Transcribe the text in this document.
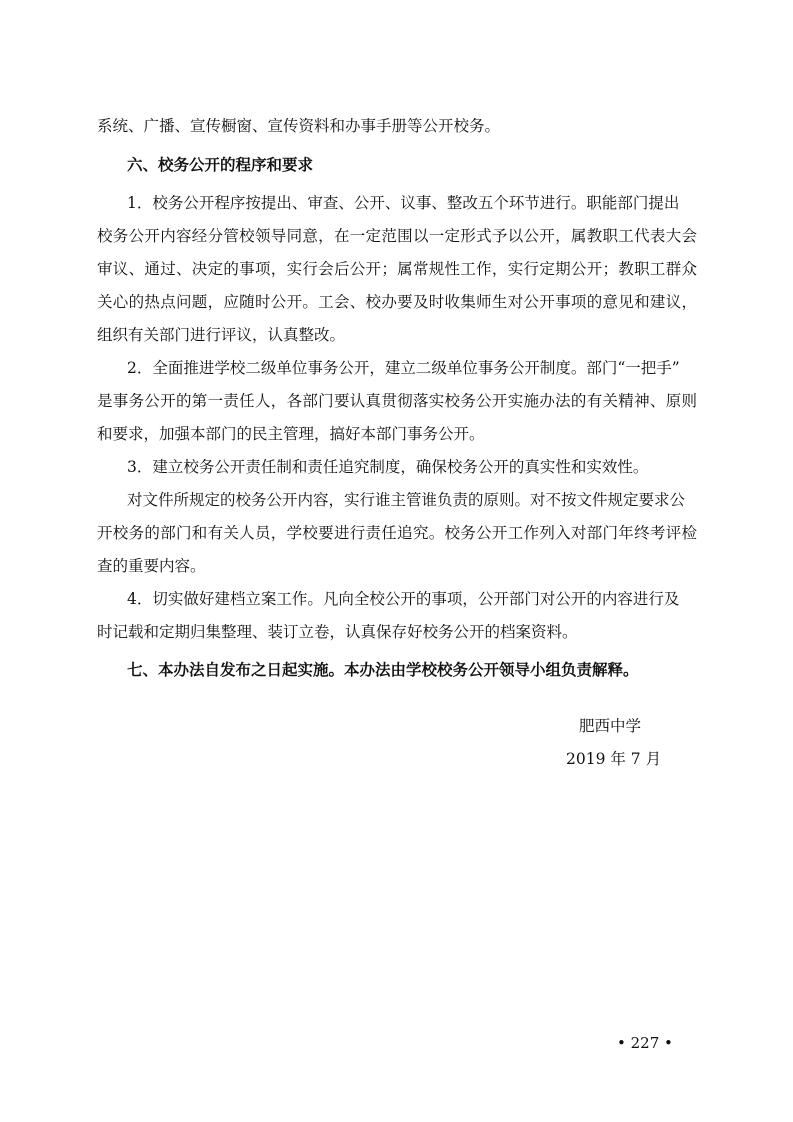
系统、广播、宣传橱窗、宣传资料和办事手册等公开校务。
六、校务公开的程序和要求
1．校务公开程序按提出、审查、公开、议事、整改五个环节进行。职能部门提出
校务公开内容经分管校领导同意，在一定范围以一定形式予以公开，属教职工代表大会
审议、通过、决定的事项，实行会后公开；属常规性工作，实行定期公开；教职工群众
关心的热点问题，应随时公开。工会、校办要及时收集师生对公开事项的意见和建议，
组织有关部门进行评议，认真整改。
2．全面推进学校二级单位事务公开，建立二级单位事务公开制度。部门“一把手”
是事务公开的第一责任人，各部门要认真贯彻落实校务公开实施办法的有关精神、原则
和要求，加强本部门的民主管理，搞好本部门事务公开。
3．建立校务公开责任制和责任追究制度，确保校务公开的真实性和实效性。
对文件所规定的校务公开内容，实行谁主管谁负责的原则。对不按文件规定要求公
开校务的部门和有关人员，学校要进行责任追究。校务公开工作列入对部门年终考评检
查的重要内容。
4．切实做好建档立案工作。凡向全校公开的事项，公开部门对公开的内容进行及
时记载和定期归集整理、装订立卷，认真保存好校务公开的档案资料。
七、本办法自发布之日起实施。本办法由学校校务公开领导小组负责解释。
肥西中学
2019 年 7 月
• 227 •
